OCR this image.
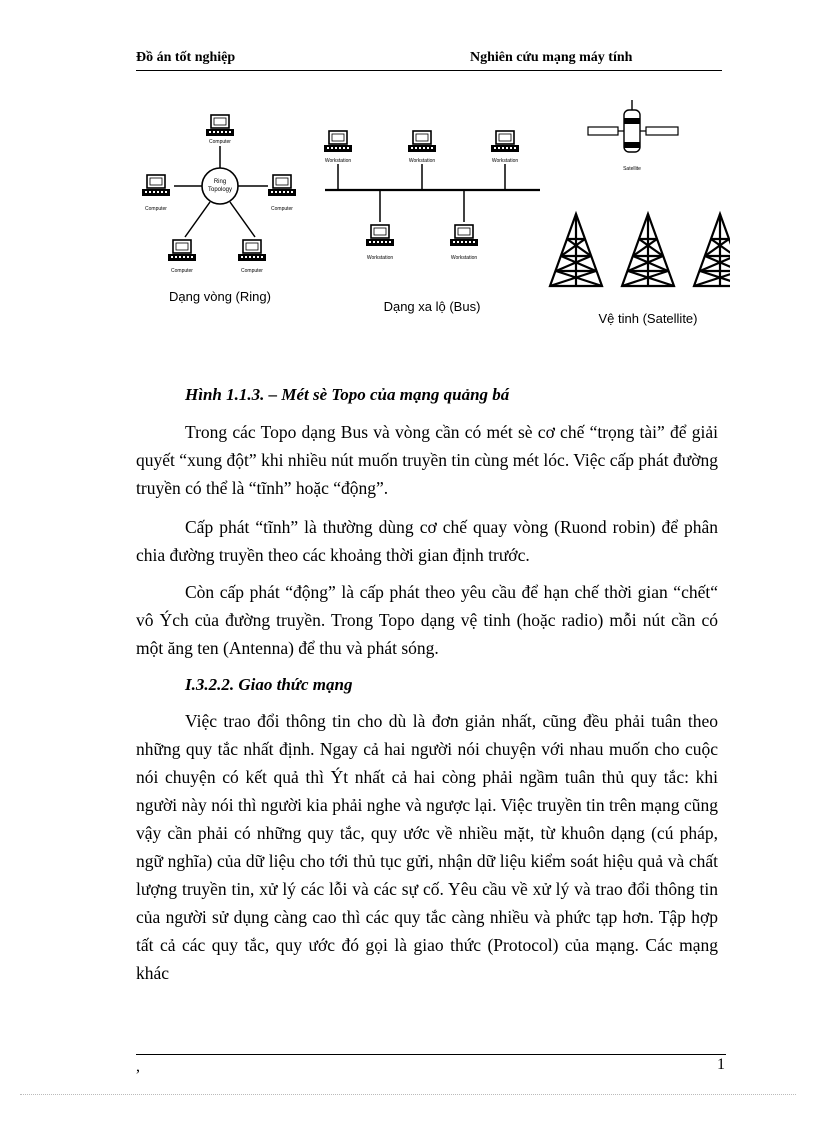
Đồ án tốt nghiệp	Nghiên cứu mạng máy tính
Ring
Topology
Computer
Computer	Computer
Computer	Computer
Dạng vòng (Ring)
Workstation	Workstation	Workstation
Workstation	Workstation
Dạng xa lộ (Bus)
Satellite
Vệ tinh (Satellite)
Hình 1.1.3. – Mét sè Topo của mạng quảng bá

Trong các Topo dạng Bus và vòng cần có mét sè cơ chế “trọng tài” để giải quyết “xung đột” khi nhiều nút muốn truyền tin cùng mét lóc. Việc cấp phát đường truyền có thể là “tĩnh” hoặc “động”.

Cấp phát “tĩnh” là thường dùng cơ chế quay vòng (Ruond robin) để phân chia đường truyền theo các khoảng thời gian định trước.

Còn cấp phát “động” là cấp phát theo yêu cầu để hạn chế thời gian “chết“ vô Ých của đường truyền. Trong Topo dạng vệ tinh (hoặc radio) mỗi nút cần có một ăng ten (Antenna) để thu và phát sóng.

I.3.2.2. Giao thức mạng

Việc trao đổi thông tin cho dù là đơn giản nhất, cũng đều phải tuân theo những quy tắc nhất định. Ngay cả hai người nói chuyện với nhau muốn cho cuộc nói chuyện có kết quả thì Ýt nhất cả hai còng phải ngầm tuân thủ quy tắc: khi người này nói thì người kia phải nghe và ngược lại. Việc truyền tin trên mạng cũng vậy cần phải có những quy tắc, quy ước về nhiều mặt, từ khuôn dạng (cú pháp, ngữ nghĩa) của dữ liệu cho tới thủ tục gửi, nhận dữ liệu kiểm soát hiệu quả và chất lượng truyền tin, xử lý các lỗi và các sự cố. Yêu cầu về xử lý và trao đổi thông tin của người sử dụng càng cao thì các quy tắc càng nhiều và phức tạp hơn. Tập hợp tất cả các quy tắc, quy ước đó gọi là giao thức (Protocol) của mạng. Các mạng khác

,	1
